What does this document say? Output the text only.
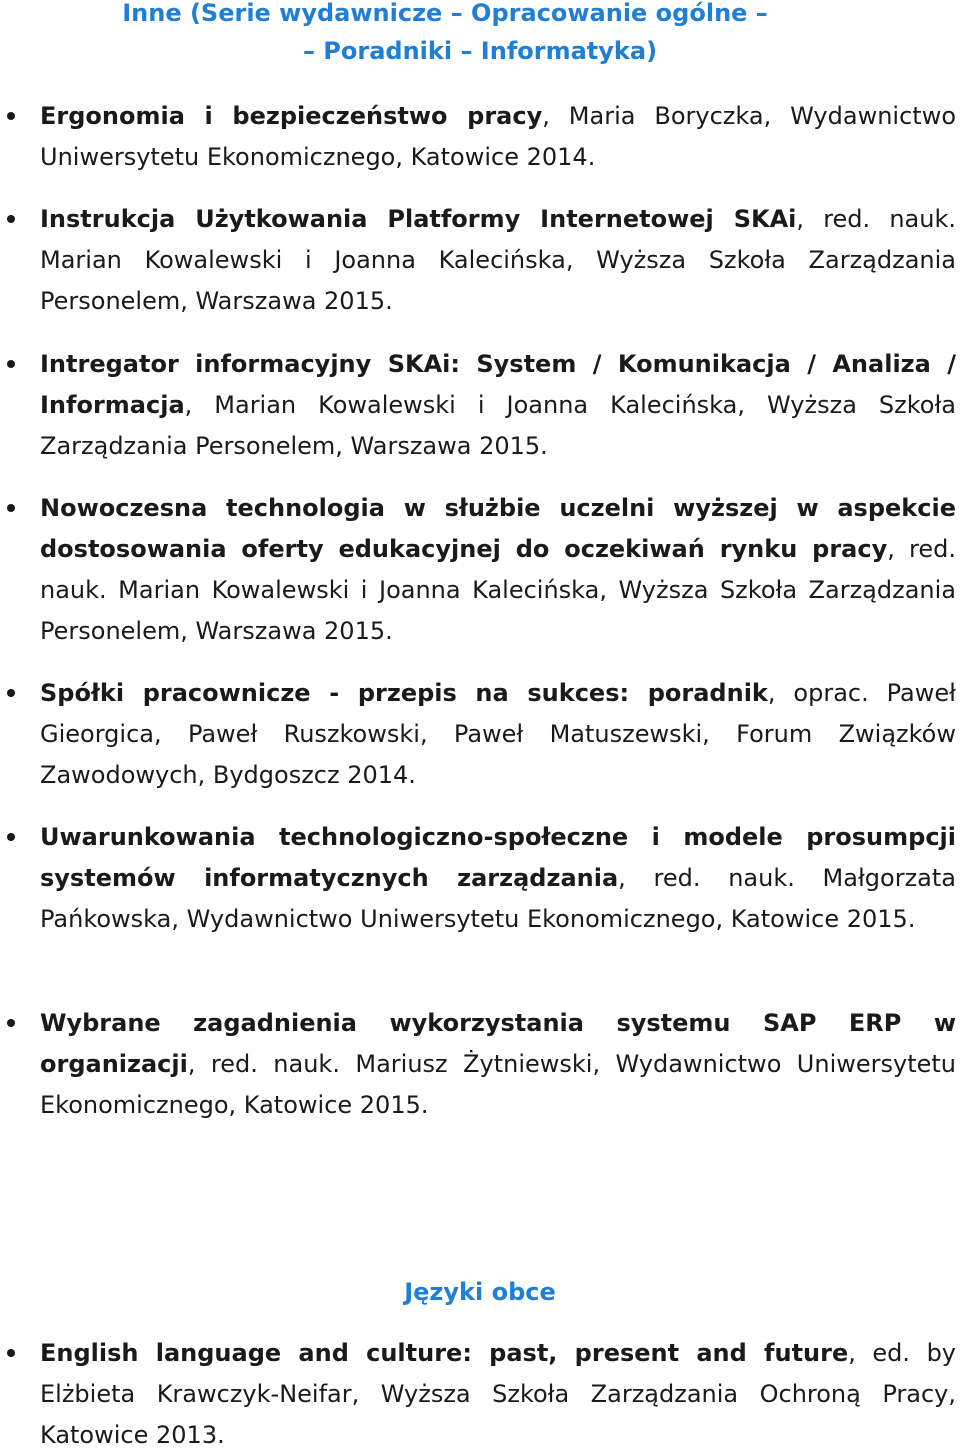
Inne (Serie wydawnicze – Opracowanie ogólne –
– Poradniki – Informatyka)
Ergonomia i bezpieczeństwo pracy, Maria Boryczka, Wydawnictwo Uniwersytetu Ekonomicznego, Katowice 2014.
Instrukcja Użytkowania Platformy Internetowej SKAi, red. nauk. Marian Kowalewski i Joanna Kalecińska, Wyższa Szkoła Zarządzania Personelem, Warszawa 2015.
Intregator informacyjny SKAi: System / Komunikacja / Analiza / Informacja, Marian Kowalewski i Joanna Kalecińska, Wyższa Szkoła Zarządzania Personelem, Warszawa 2015.
Nowoczesna technologia w służbie uczelni wyższej w aspekcie dostosowania oferty edukacyjnej do oczekiwań rynku pracy, red. nauk. Marian Kowalewski i Joanna Kalecińska, Wyższa Szkoła Zarządzania Personelem, Warszawa 2015.
Spółki pracownicze - przepis na sukces: poradnik, oprac. Paweł Gieorgica, Paweł Ruszkowski, Paweł Matuszewski, Forum Związków Zawodowych, Bydgoszcz 2014.
Uwarunkowania technologiczno-społeczne i modele prosumpcji systemów informatycznych zarządzania, red. nauk. Małgorzata Pańkowska, Wydawnictwo Uniwersytetu Ekonomicznego, Katowice 2015.
Wybrane zagadnienia wykorzystania systemu SAP ERP w organizacji, red. nauk. Mariusz Żytniewski, Wydawnictwo Uniwersytetu Ekonomicznego, Katowice 2015.
Języki obce
English language and culture: past, present and future, ed. by Elżbieta Krawczyk-Neifar, Wyższa Szkoła Zarządzania Ochroną Pracy, Katowice 2013.
